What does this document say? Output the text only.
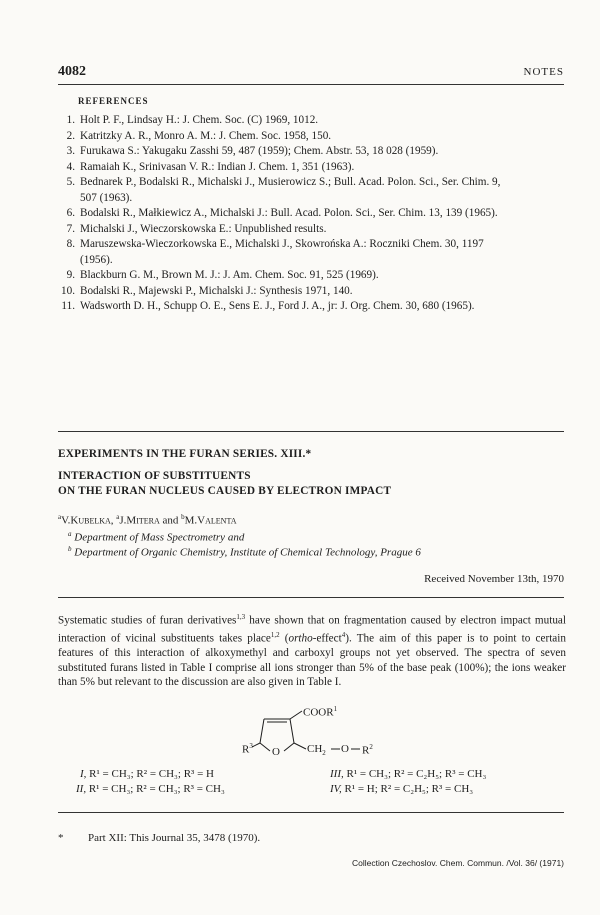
4082	NOTES
REFERENCES
1. Holt P. F., Lindsay H.: J. Chem. Soc. (C) 1969, 1012.
2. Katritzky A. R., Monro A. M.: J. Chem. Soc. 1958, 150.
3. Furukawa S.: Yakugaku Zasshi 59, 487 (1959); Chem. Abstr. 53, 18 028 (1959).
4. Ramaiah K., Srinivasan V. R.: Indian J. Chem. 1, 351 (1963).
5. Bednarek P., Bodalski R., Michalski J., Musierowicz S.; Bull. Acad. Polon. Sci., Ser. Chim. 9,
507 (1963).
6. Bodalski R., Małkiewicz A., Michalski J.: Bull. Acad. Polon. Sci., Ser. Chim. 13, 139 (1965).
7. Michalski J., Wieczorskowska E.: Unpublished results.
8. Maruszewska-Wieczorkowska E., Michalski J., Skowrońska A.: Roczniki Chem. 30, 1197
(1956).
9. Blackburn G. M., Brown M. J.: J. Am. Chem. Soc. 91, 525 (1969).
10. Bodalski R., Majewski P., Michalski J.: Synthesis 1971, 140.
11. Wadsworth D. H., Schupp O. E., Sens E. J., Ford J. A., jr: J. Org. Chem. 30, 680 (1965).
EXPERIMENTS IN THE FURAN SERIES. XIII.*
INTERACTION OF SUBSTITUENTS
ON THE FURAN NUCLEUS CAUSED BY ELECTRON IMPACT
$^a$V.Kubelka, $^a$J.Mitera and $^b$M.Valenta
$^a$ Department of Mass Spectrometry and
$^b$ Department of Organic Chemistry, Institute of Chemical Technology, Prague 6
Received November 13th, 1970
Systematic studies of furan derivatives$^{1,3}$ have shown that on fragmentation caused by electron impact mutual interaction of vicinal substituents takes place$^{1,2}$ (ortho-effect$^4$). The aim of this paper is to point to certain features of this interaction of alkoxymethyl and carboxyl groups not yet observed. The spectra of seven substituted furans listed in Table I comprise all ions stronger than 5% of the base peak (100%); the ions weaker than 5% but relevant to the discussion are also given in Table I.
COOR$^1$
$R^3$ O $CH_2$ O $R^2$
I, R¹ = CH₃; R² = CH₃; R³ = H
II, R¹ = CH₃; R² = CH₃; R³ = CH₃
III, R¹ = CH₃; R² = C₂H₅; R³ = CH₃
IV, R¹ = H; R² = C₂H₅; R³ = CH₃
* Part XII: This Journal 35, 3478 (1970).
Collection Czechoslov. Chem. Commun. /Vol. 36/ (1971)
